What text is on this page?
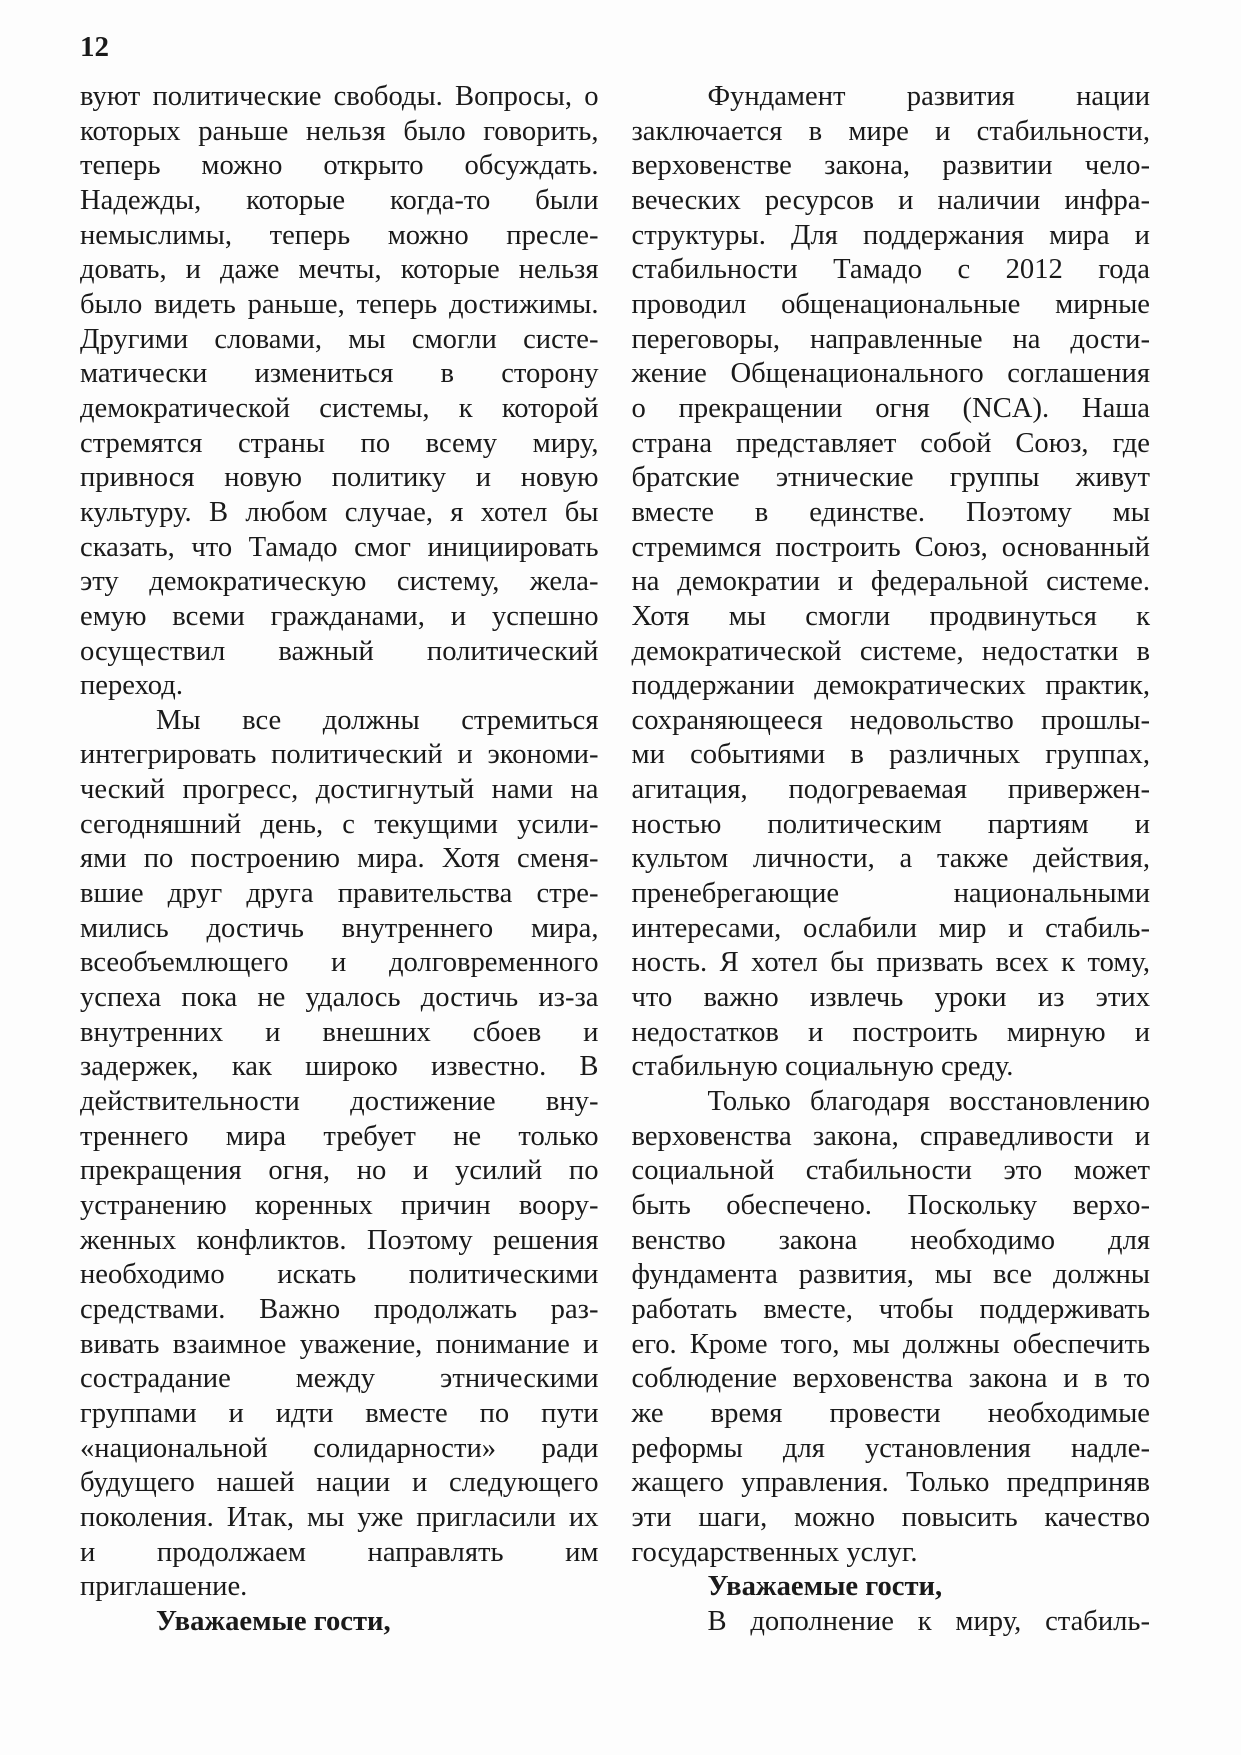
12
вуют политические свободы. Вопросы, о
которых раньше нельзя было говорить,
теперь можно открыто обсуждать.
Надежды, которые когда-то были
немыслимы, теперь можно пресле-
довать, и даже мечты, которые нельзя
было видеть раньше, теперь достижимы.
Другими словами, мы смогли систе-
матически измениться в сторону
демократической системы, к которой
стремятся страны по всему миру,
привнося новую политику и новую
культуру. В любом случае, я хотел бы
сказать, что Тамадо смог инициировать
эту демократическую систему, жела-
емую всеми гражданами, и успешно
осуществил важный политический
переход.
Мы все должны стремиться
интегрировать политический и экономи-
ческий прогресс, достигнутый нами на
сегодняшний день, с текущими усили-
ями по построению мира. Хотя сменя-
вшие друг друга правительства стре-
мились достичь внутреннего мира,
всеобъемлющего и долговременного
успеха пока не удалось достичь из-за
внутренних и внешних сбоев и
задержек, как широко известно. В
действительности достижение вну-
треннего мира требует не только
прекращения огня, но и усилий по
устранению коренных причин воору-
женных конфликтов. Поэтому решения
необходимо искать политическими
средствами. Важно продолжать раз-
вивать взаимное уважение, понимание и
сострадание между этническими
группами и идти вместе по пути
«национальной солидарности» ради
будущего нашей нации и следующего
поколения. Итак, мы уже пригласили их
и продолжаем направлять им
приглашение.
Уважаемые гости,
Фундамент развития нации
заключается в мире и стабильности,
верховенстве закона, развитии чело-
веческих ресурсов и наличии инфра-
структуры. Для поддержания мира и
стабильности Тамадо с 2012 года
проводил общенациональные мирные
переговоры, направленные на дости-
жение Общенационального соглашения
о прекращении огня (NCA). Наша
страна представляет собой Союз, где
братские этнические группы живут
вместе в единстве. Поэтому мы
стремимся построить Союз, основанный
на демократии и федеральной системе.
Хотя мы смогли продвинуться к
демократической системе, недостатки в
поддержании демократических практик,
сохраняющееся недовольство прошлы-
ми событиями в различных группах,
агитация, подогреваемая привержен-
ностью политическим партиям и
культом личности, а также действия,
пренебрегающие национальными
интересами, ослабили мир и стабиль-
ность. Я хотел бы призвать всех к тому,
что важно извлечь уроки из этих
недостатков и построить мирную и
стабильную социальную среду.
Только благодаря восстановлению
верховенства закона, справедливости и
социальной стабильности это может
быть обеспечено. Поскольку верхо-
венство закона необходимо для
фундамента развития, мы все должны
работать вместе, чтобы поддерживать
его. Кроме того, мы должны обеспечить
соблюдение верховенства закона и в то
же время провести необходимые
реформы для установления надле-
жащего управления. Только предприняв
эти шаги, можно повысить качество
государственных услуг.
Уважаемые гости,
В дополнение к миру, стабиль-
